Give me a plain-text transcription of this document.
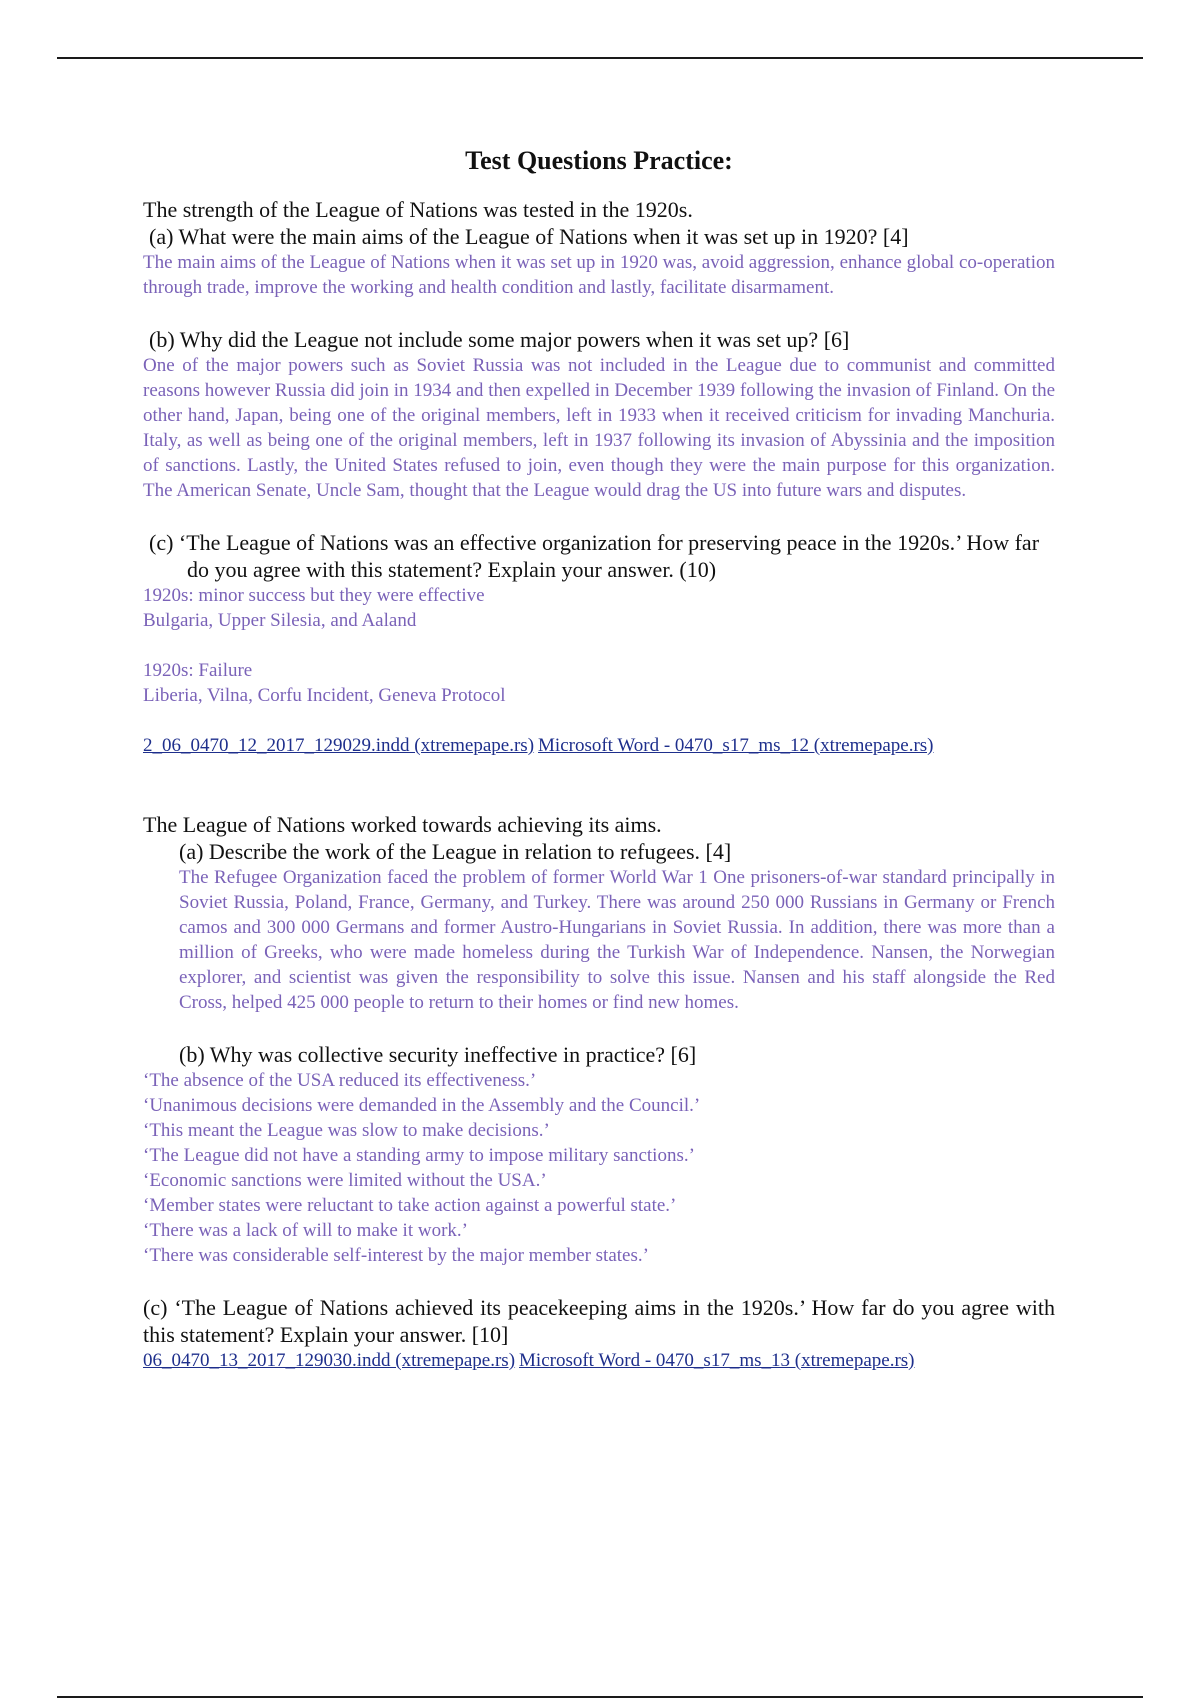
Test Questions Practice:
The strength of the League of Nations was tested in the 1920s.
(a) What were the main aims of the League of Nations when it was set up in 1920? [4]
The main aims of the League of Nations when it was set up in 1920 was, avoid aggression, enhance global co-operation through trade, improve the working and health condition and lastly, facilitate disarmament.
(b) Why did the League not include some major powers when it was set up? [6]
One of the major powers such as Soviet Russia was not included in the League due to communist and committed reasons however Russia did join in 1934 and then expelled in December 1939 following the invasion of Finland. On the other hand, Japan, being one of the original members, left in 1933 when it received criticism for invading Manchuria. Italy, as well as being one of the original members, left in 1937 following its invasion of Abyssinia and the imposition of sanctions. Lastly, the United States refused to join, even though they were the main purpose for this organization. The American Senate, Uncle Sam, thought that the League would drag the US into future wars and disputes.
(c) ‘The League of Nations was an effective organization for preserving peace in the 1920s.’ How far do you agree with this statement? Explain your answer. (10)
1920s: minor success but they were effective
Bulgaria, Upper Silesia, and Aaland
1920s: Failure
Liberia, Vilna, Corfu Incident, Geneva Protocol
2_06_0470_12_2017_129029.indd (xtremepape.rs) Microsoft Word - 0470_s17_ms_12 (xtremepape.rs)
The League of Nations worked towards achieving its aims.
(a) Describe the work of the League in relation to refugees. [4]
The Refugee Organization faced the problem of former World War 1 One prisoners-of-war standard principally in Soviet Russia, Poland, France, Germany, and Turkey. There was around 250 000 Russians in Germany or French camos and 300 000 Germans and former Austro-Hungarians in Soviet Russia. In addition, there was more than a million of Greeks, who were made homeless during the Turkish War of Independence. Nansen, the Norwegian explorer, and scientist was given the responsibility to solve this issue. Nansen and his staff alongside the Red Cross, helped 425 000 people to return to their homes or find new homes.
(b) Why was collective security ineffective in practice? [6]
‘The absence of the USA reduced its effectiveness.’
‘Unanimous decisions were demanded in the Assembly and the Council.’
‘This meant the League was slow to make decisions.’
‘The League did not have a standing army to impose military sanctions.’
‘Economic sanctions were limited without the USA.’
‘Member states were reluctant to take action against a powerful state.’
‘There was a lack of will to make it work.’
‘There was considerable self-interest by the major member states.’
(c) ‘The League of Nations achieved its peacekeeping aims in the 1920s.’ How far do you agree with this statement? Explain your answer. [10]
06_0470_13_2017_129030.indd (xtremepape.rs) Microsoft Word - 0470_s17_ms_13 (xtremepape.rs)
